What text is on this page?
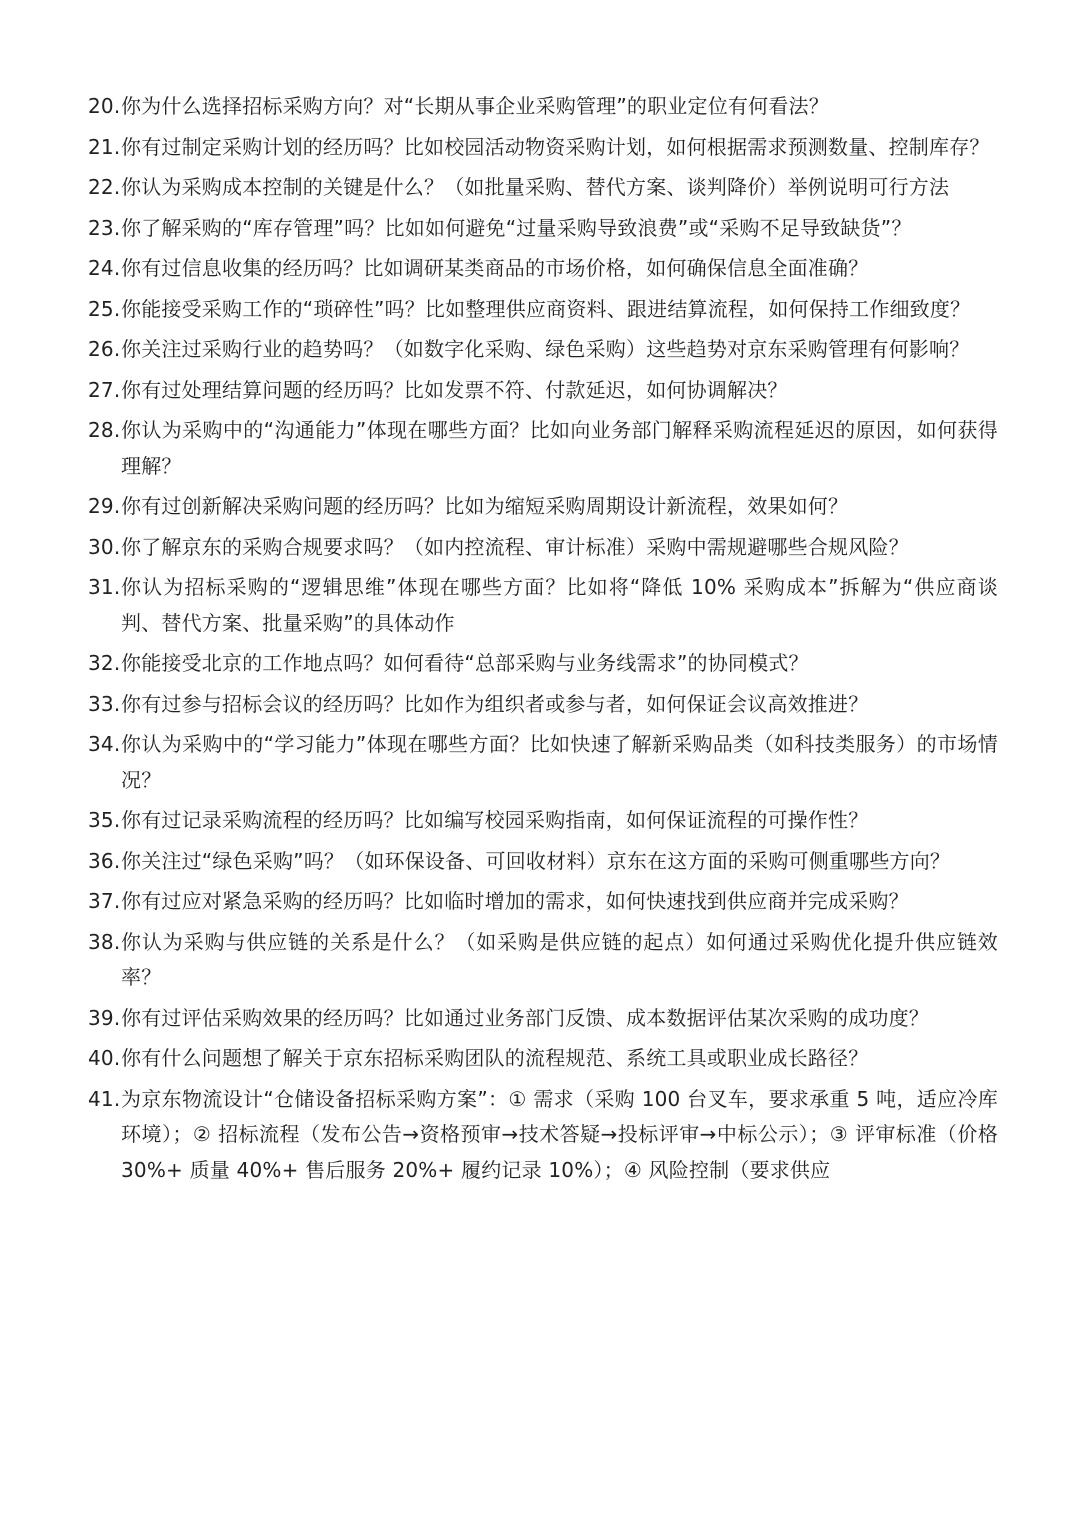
20. 你为什么选择招标采购方向？对“长期从事企业采购管理”的职业定位有何看法？
21. 你有过制定采购计划的经历吗？比如校园活动物资采购计划，如何根据需求预测数量、控制库存？
22. 你认为采购成本控制的关键是什么？（如批量采购、替代方案、谈判降价）举例说明可行方法
23. 你了解采购的“库存管理”吗？比如如何避免“过量采购导致浪费”或“采购不足导致缺货”？
24. 你有过信息收集的经历吗？比如调研某类商品的市场价格，如何确保信息全面准确？
25. 你能接受采购工作的“琐碎性”吗？比如整理供应商资料、跟进结算流程，如何保持工作细致度？
26. 你关注过采购行业的趋势吗？（如数字化采购、绿色采购）这些趋势对京东采购管理有何影响？
27. 你有过处理结算问题的经历吗？比如发票不符、付款延迟，如何协调解决？
28. 你认为采购中的“沟通能力”体现在哪些方面？比如向业务部门解释采购流程延迟的原因，如何获得理解？
29. 你有过创新解决采购问题的经历吗？比如为缩短采购周期设计新流程，效果如何？
30. 你了解京东的采购合规要求吗？（如内控流程、审计标准）采购中需规避哪些合规风险？
31. 你认为招标采购的“逻辑思维”体现在哪些方面？比如将“降低 10% 采购成本”拆解为“供应商谈判、替代方案、批量采购”的具体动作
32. 你能接受北京的工作地点吗？如何看待“总部采购与业务线需求”的协同模式？
33. 你有过参与招标会议的经历吗？比如作为组织者或参与者，如何保证会议高效推进？
34. 你认为采购中的“学习能力”体现在哪些方面？比如快速了解新采购品类（如科技类服务）的市场情况？
35. 你有过记录采购流程的经历吗？比如编写校园采购指南，如何保证流程的可操作性？
36. 你关注过“绿色采购”吗？（如环保设备、可回收材料）京东在这方面的采购可侧重哪些方向？
37. 你有过应对紧急采购的经历吗？比如临时增加的需求，如何快速找到供应商并完成采购？
38. 你认为采购与供应链的关系是什么？（如采购是供应链的起点）如何通过采购优化提升供应链效率？
39. 你有过评估采购效果的经历吗？比如通过业务部门反馈、成本数据评估某次采购的成功度？
40. 你有什么问题想了解关于京东招标采购团队的流程规范、系统工具或职业成长路径？
41. 为京东物流设计“仓储设备招标采购方案”：① 需求（采购 100 台叉车，要求承重 5 吨，适应冷库环境）；② 招标流程（发布公告→资格预审→技术答疑→投标评审→中标公示）；③ 评审标准（价格 30%+ 质量 40%+ 售后服务 20%+ 履约记录 10%）；④ 风险控制（要求供应
